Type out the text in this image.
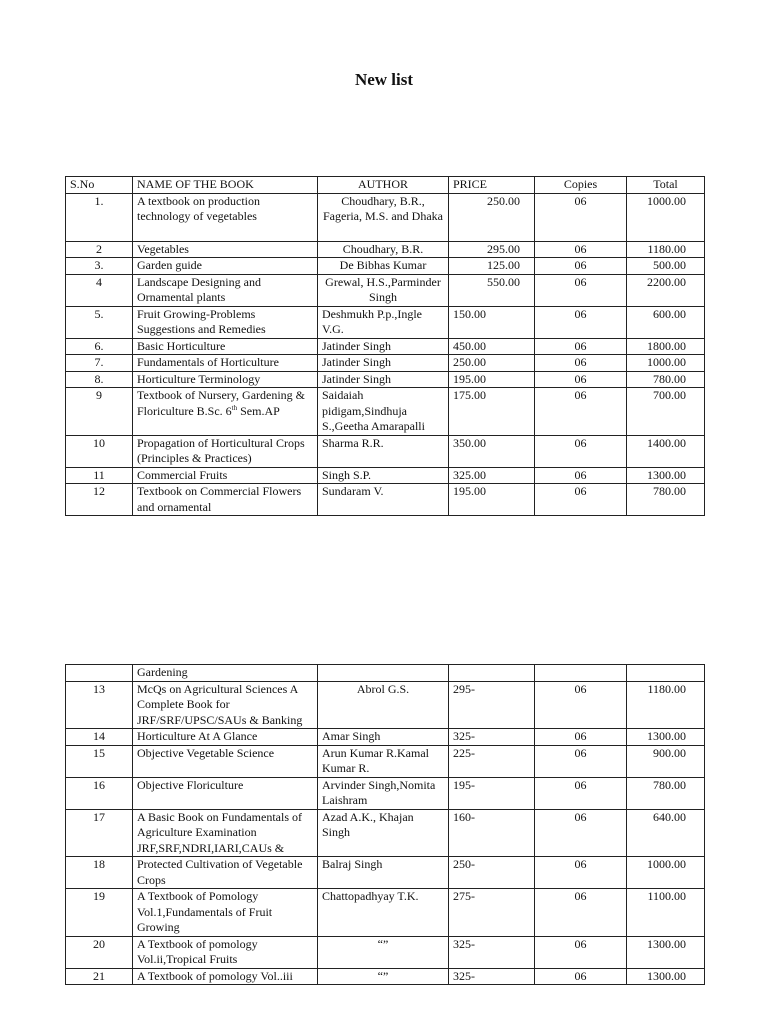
New list
S.No	NAME OF THE BOOK	AUTHOR	PRICE	Copies	Total
1.	A textbook on production technology of vegetables	Choudhary, B.R., Fageria, M.S. and Dhaka	250.00	06	1000.00
2	Vegetables	Choudhary, B.R.	295.00	06	1180.00
3.	Garden guide	De Bibhas Kumar	125.00	06	500.00
4	Landscape Designing and Ornamental plants	Grewal, H.S.,Parminder Singh	550.00	06	2200.00
5.	Fruit Growing-Problems Suggestions and Remedies	Deshmukh P.p.,Ingle V.G.	150.00	06	600.00
6.	Basic Horticulture	Jatinder Singh	450.00	06	1800.00
7.	Fundamentals of Horticulture	Jatinder Singh	250.00	06	1000.00
8.	Horticulture Terminology	Jatinder Singh	195.00	06	780.00
9	Textbook of Nursery, Gardening & Floriculture B.Sc. 6th Sem.AP	Saidaiah pidigam,Sindhuja S.,Geetha Amarapalli	175.00	06	700.00
10	Propagation of Horticultural Crops (Principles & Practices)	Sharma R.R.	350.00	06	1400.00
11	Commercial Fruits	Singh S.P.	325.00	06	1300.00
12	Textbook on Commercial Flowers and ornamental	Sundaram V.	195.00	06	780.00
	Gardening				
13	McQs on Agricultural Sciences A Complete Book for JRF/SRF/UPSC/SAUs & Banking	Abrol G.S.	295-	06	1180.00
14	Horticulture At A Glance	Amar Singh	325-	06	1300.00
15	Objective Vegetable Science	Arun Kumar R.Kamal Kumar R.	225-	06	900.00
16	Objective Floriculture	Arvinder Singh,Nomita Laishram	195-	06	780.00
17	A Basic Book on Fundamentals of Agriculture Examination JRF,SRF,NDRI,IARI,CAUs &	Azad A.K., Khajan Singh	160-	06	640.00
18	Protected Cultivation of Vegetable Crops	Balraj Singh	250-	06	1000.00
19	A Textbook of Pomology Vol.1,Fundamentals of Fruit Growing	Chattopadhyay T.K.	275-	06	1100.00
20	A Textbook of pomology Vol.ii,Tropical Fruits	“”	325-	06	1300.00
21	A Textbook of pomology Vol..iii	“”	325-	06	1300.00
